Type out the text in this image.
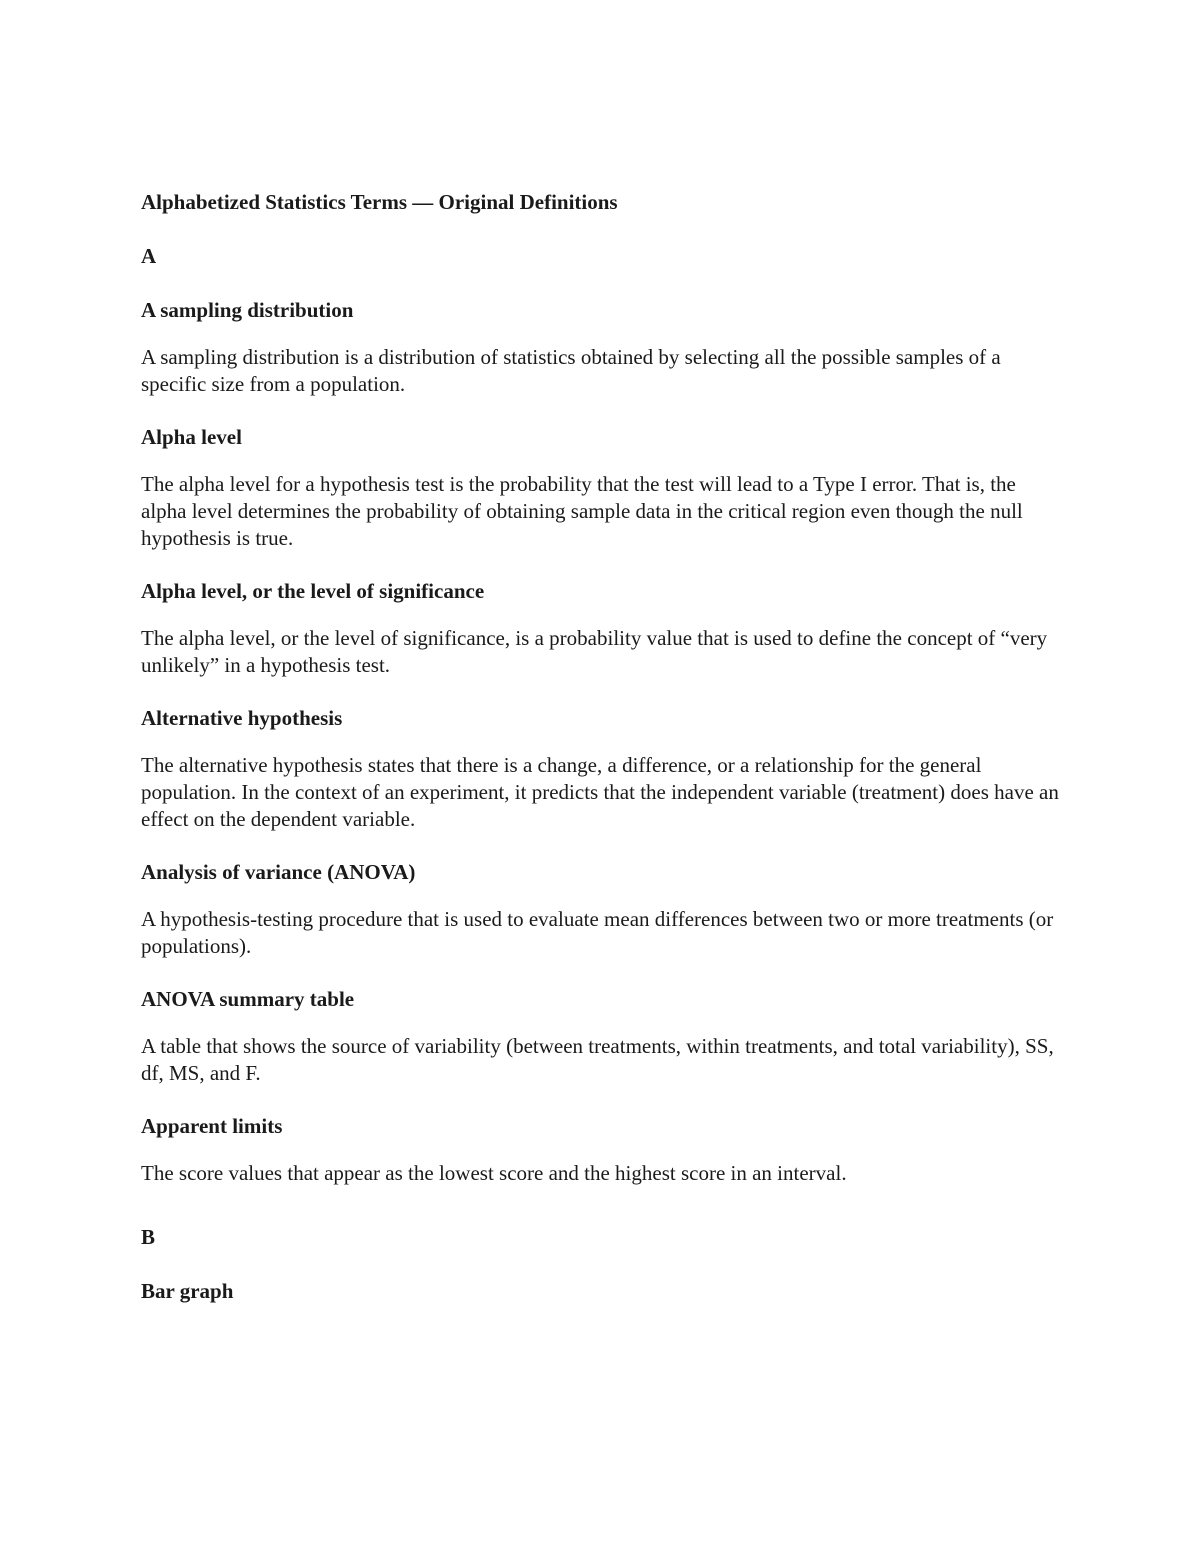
Alphabetized Statistics Terms — Original Definitions
A
A sampling distribution
A sampling distribution is a distribution of statistics obtained by selecting all the possible samples of a specific size from a population.
Alpha level
The alpha level for a hypothesis test is the probability that the test will lead to a Type I error. That is, the alpha level determines the probability of obtaining sample data in the critical region even though the null hypothesis is true.
Alpha level, or the level of significance
The alpha level, or the level of significance, is a probability value that is used to define the concept of “very unlikely” in a hypothesis test.
Alternative hypothesis
The alternative hypothesis states that there is a change, a difference, or a relationship for the general population. In the context of an experiment, it predicts that the independent variable (treatment) does have an effect on the dependent variable.
Analysis of variance (ANOVA)
A hypothesis-testing procedure that is used to evaluate mean differences between two or more treatments (or populations).
ANOVA summary table
A table that shows the source of variability (between treatments, within treatments, and total variability), SS, df, MS, and F.
Apparent limits
The score values that appear as the lowest score and the highest score in an interval.
B
Bar graph
